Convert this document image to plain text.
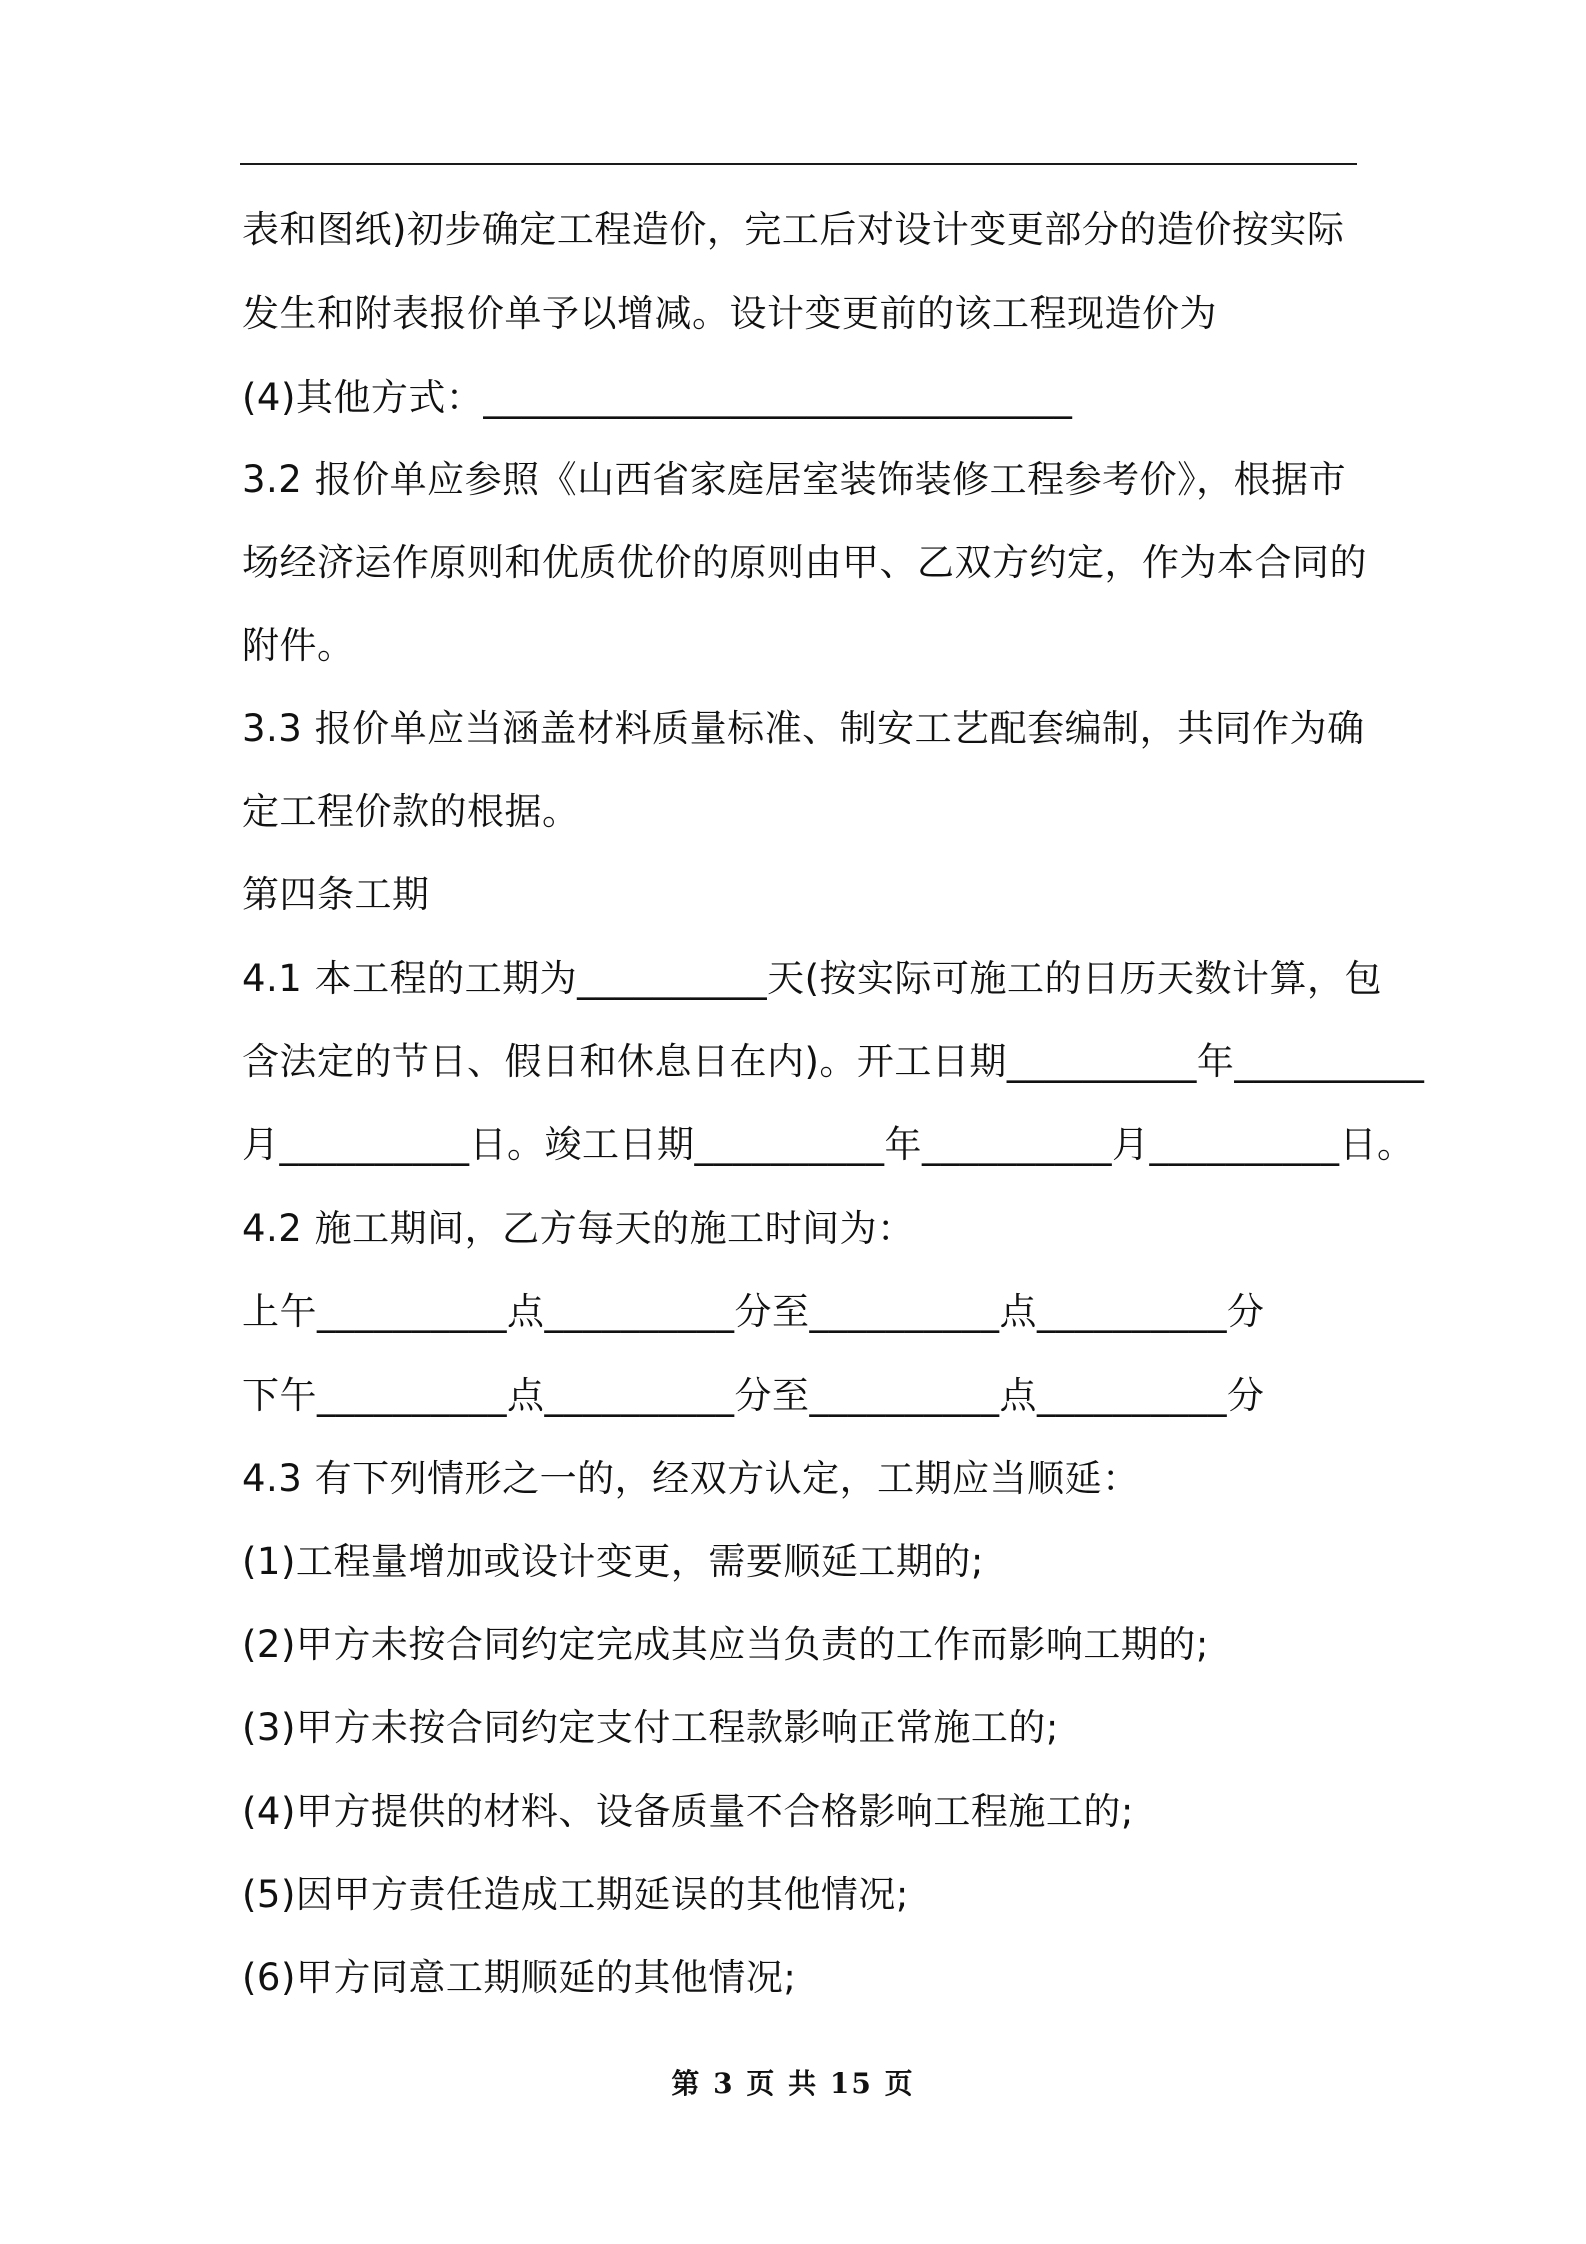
表和图纸)初步确定工程造价，完工后对设计变更部分的造价按实际
发生和附表报价单予以增减。设计变更前的该工程现造价为
(4)其他方式：_______________________________
3.2 报价单应参照《山西省家庭居室装饰装修工程参考价》，根据市
场经济运作原则和优质优价的原则由甲、乙双方约定，作为本合同的
附件。
3.3 报价单应当涵盖材料质量标准、制安工艺配套编制，共同作为确
定工程价款的根据。
第四条工期
4.1 本工程的工期为__________天(按实际可施工的日历天数计算，包
含法定的节日、假日和休息日在内)。开工日期__________年__________
月__________日。竣工日期__________年__________月__________日。
4.2 施工期间，乙方每天的施工时间为：
上午__________点__________分至__________点__________分
下午__________点__________分至__________点__________分
4.3 有下列情形之一的，经双方认定，工期应当顺延：
(1)工程量增加或设计变更，需要顺延工期的;
(2)甲方未按合同约定完成其应当负责的工作而影响工期的;
(3)甲方未按合同约定支付工程款影响正常施工的;
(4)甲方提供的材料、设备质量不合格影响工程施工的;
(5)因甲方责任造成工期延误的其他情况;
(6)甲方同意工期顺延的其他情况;
第 3 页 共 15 页
